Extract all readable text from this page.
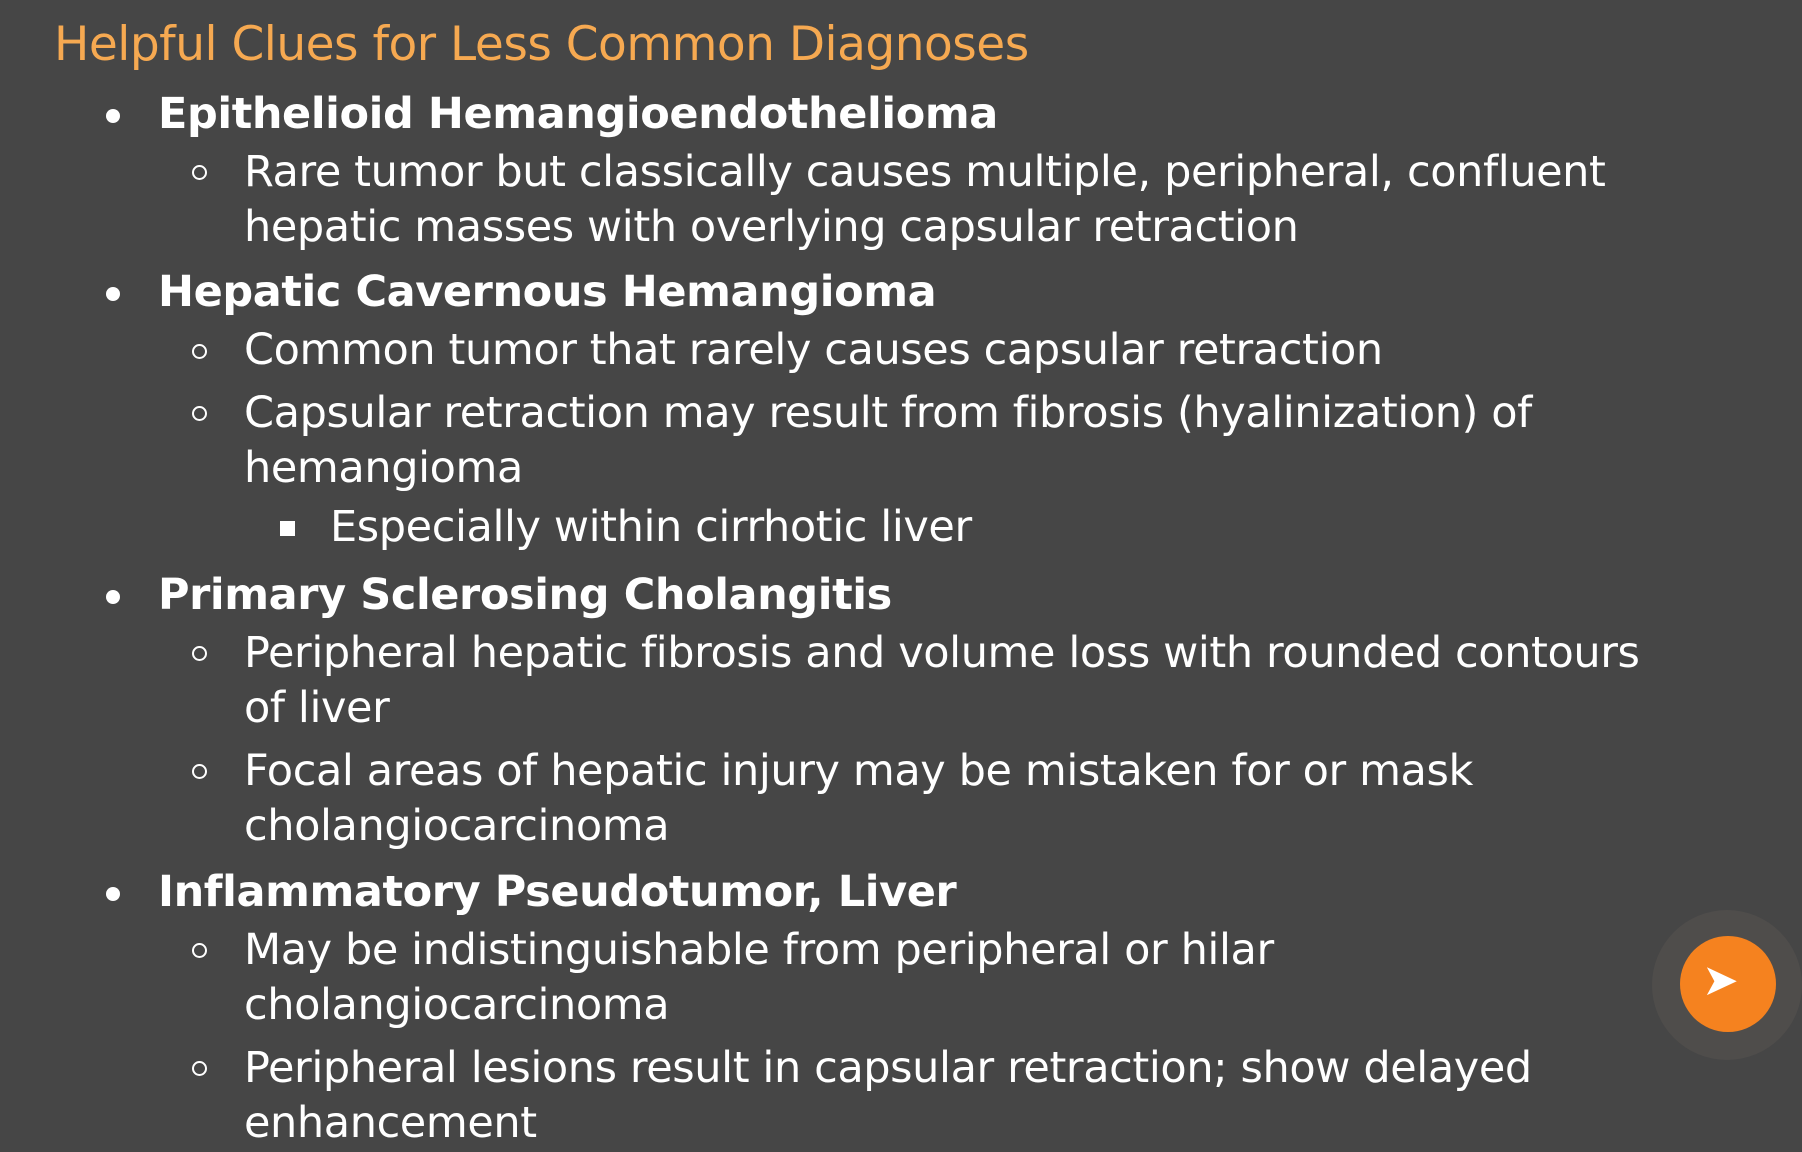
Helpful Clues for Less Common Diagnoses
Epithelioid Hemangioendothelioma
Rare tumor but classically causes multiple, peripheral, confluent hepatic masses with overlying capsular retraction
Hepatic Cavernous Hemangioma
Common tumor that rarely causes capsular retraction
Capsular retraction may result from fibrosis (hyalinization) of hemangioma
Especially within cirrhotic liver
Primary Sclerosing Cholangitis
Peripheral hepatic fibrosis and volume loss with rounded contours of liver
Focal areas of hepatic injury may be mistaken for or mask cholangiocarcinoma
Inflammatory Pseudotumor, Liver
May be indistinguishable from peripheral or hilar cholangiocarcinoma
Peripheral lesions result in capsular retraction; show delayed enhancement
➤
